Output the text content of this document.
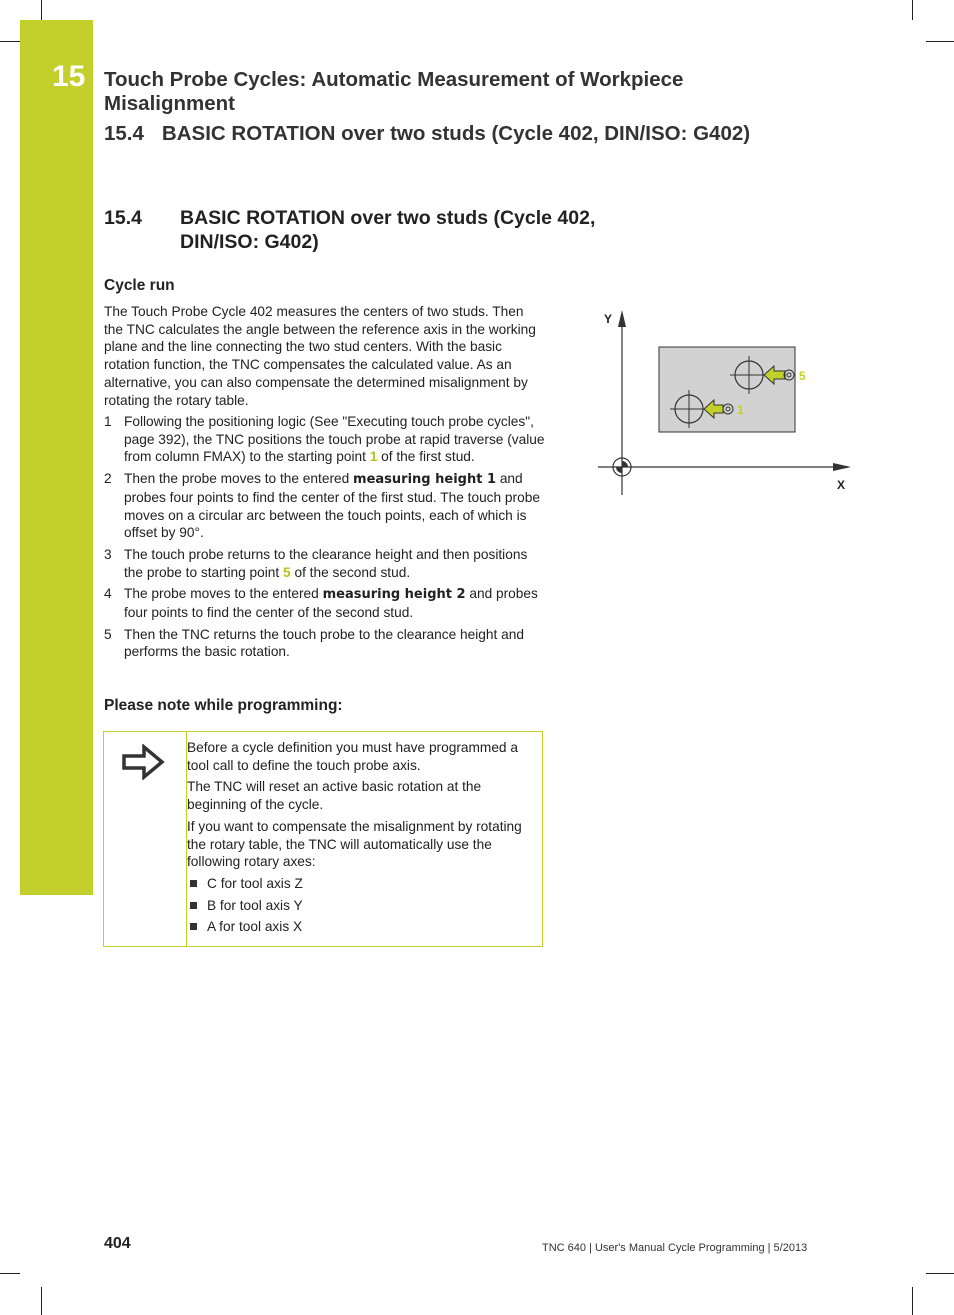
15 Touch Probe Cycles: Automatic Measurement of Workpiece Misalignment
15.4 BASIC ROTATION over two studs (Cycle 402, DIN/ISO: G402)
15.4 BASIC ROTATION over two studs (Cycle 402, DIN/ISO: G402)
Cycle run

The Touch Probe Cycle 402 measures the centers of two studs. Then the TNC calculates the angle between the reference axis in the working plane and the line connecting the two stud centers. With the basic rotation function, the TNC compensates the calculated value. As an alternative, you can also compensate the determined misalignment by rotating the rotary table.

1 Following the positioning logic (See "Executing touch probe cycles", page 392), the TNC positions the touch probe at rapid traverse (value from column FMAX) to the starting point 1 of the first stud.
2 Then the probe moves to the entered measuring height 1 and probes four points to find the center of the first stud. The touch probe moves on a circular arc between the touch points, each of which is offset by 90°.
3 The touch probe returns to the clearance height and then positions the probe to starting point 5 of the second stud.
4 The probe moves to the entered measuring height 2 and probes four points to find the center of the second stud.
5 Then the TNC returns the touch probe to the clearance height and performs the basic rotation.
Please note while programming:

Before a cycle definition you must have programmed a tool call to define the touch probe axis.

The TNC will reset an active basic rotation at the beginning of the cycle.

If you want to compensate the misalignment by rotating the rotary table, the TNC will automatically use the following rotary axes:

C for tool axis Z
B for tool axis Y
A for tool axis X
Y
X
5
1
404	TNC 640 | User's Manual Cycle Programming | 5/2013
